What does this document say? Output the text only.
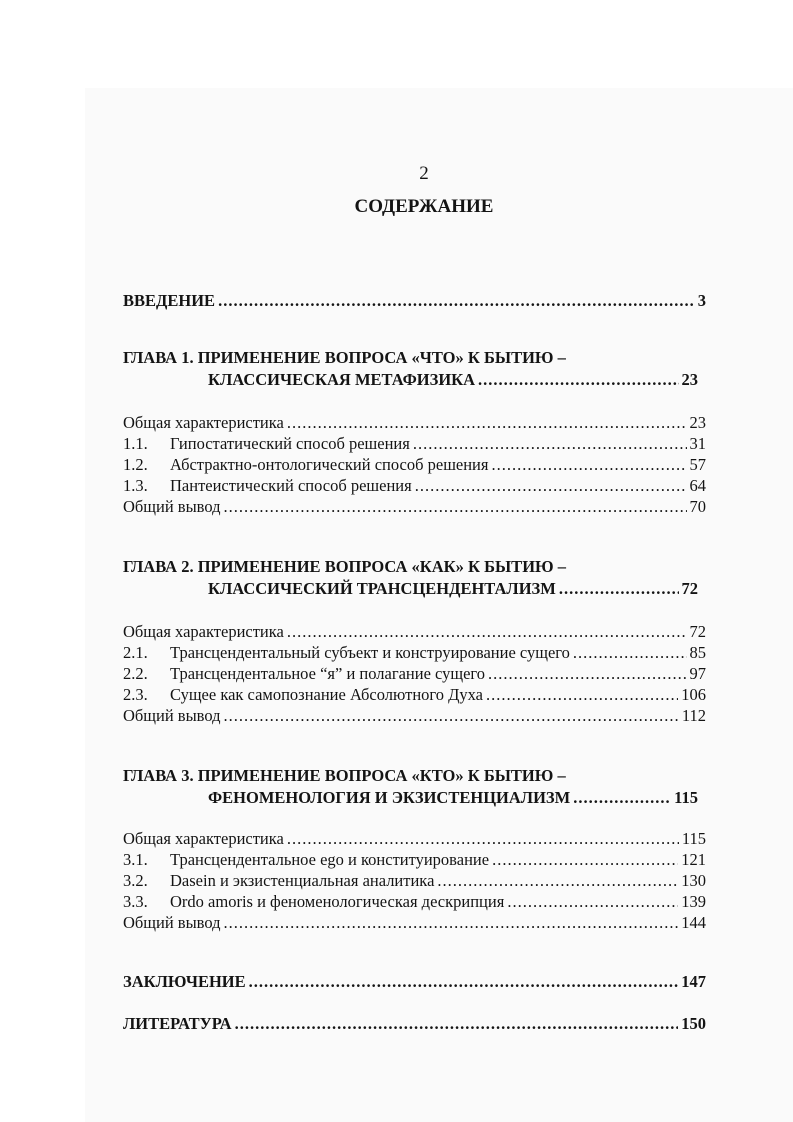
2
СОДЕРЖАНИЕ
ВВЕДЕНИЕ .....	3
ГЛАВА 1. ПРИМЕНЕНИЕ ВОПРОСА «ЧТО» К БЫТИЮ –
КЛАССИЧЕСКАЯ МЕТАФИЗИКА .....	23
Общая характеристика .....	23
1.1.	Гипостатический способ решения .....	31
1.2.	Абстрактно-онтологический способ решения .....	57
1.3.	Пантеистический способ решения .....	64
Общий вывод .....	70
ГЛАВА 2. ПРИМЕНЕНИЕ ВОПРОСА «КАК» К БЫТИЮ –
КЛАССИЧЕСКИЙ ТРАНСЦЕНДЕНТАЛИЗМ .....	72
Общая характеристика .....	72
2.1.	Трансцендентальный субъект и конструирование сущего .....	85
2.2.	Трансцендентальное “я” и полагание сущего .....	97
2.3.	Сущее как самопознание Абсолютного Духа .....	106
Общий вывод .....	112
ГЛАВА 3. ПРИМЕНЕНИЕ ВОПРОСА «КТО» К БЫТИЮ –
ФЕНОМЕНОЛОГИЯ И ЭКЗИСТЕНЦИАЛИЗМ .....	115
Общая характеристика .....	115
3.1.	Трансцендентальное ego и конституирование .....	121
3.2.	Dasein и экзистенциальная аналитика .....	130
3.3.	Ordo amoris и феноменологическая дескрипция .....	139
Общий вывод .....	144
ЗАКЛЮЧЕНИЕ .....	147
ЛИТЕРАТУРА .....	150
